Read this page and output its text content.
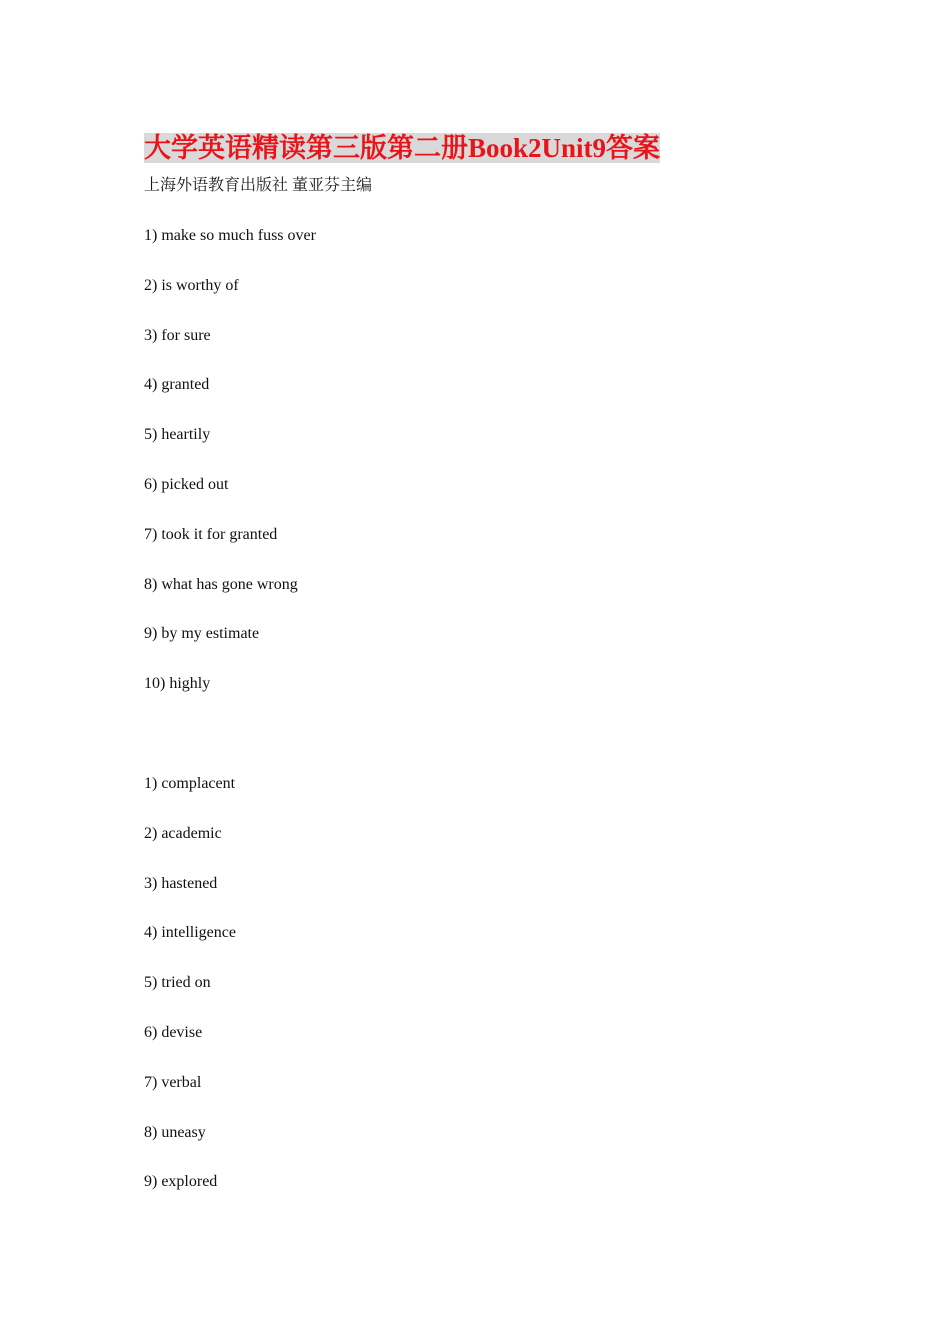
大学英语精读第三版第二册Book2Unit9答案
上海外语教育出版社 董亚芬主编
1) make so much fuss over
2) is worthy of
3) for sure
4) granted
5) heartily
6) picked out
7) took it for granted
8) what has gone wrong
9) by my estimate
10) highly
1) complacent
2) academic
3) hastened
4) intelligence
5) tried on
6) devise
7) verbal
8) uneasy
9) explored
